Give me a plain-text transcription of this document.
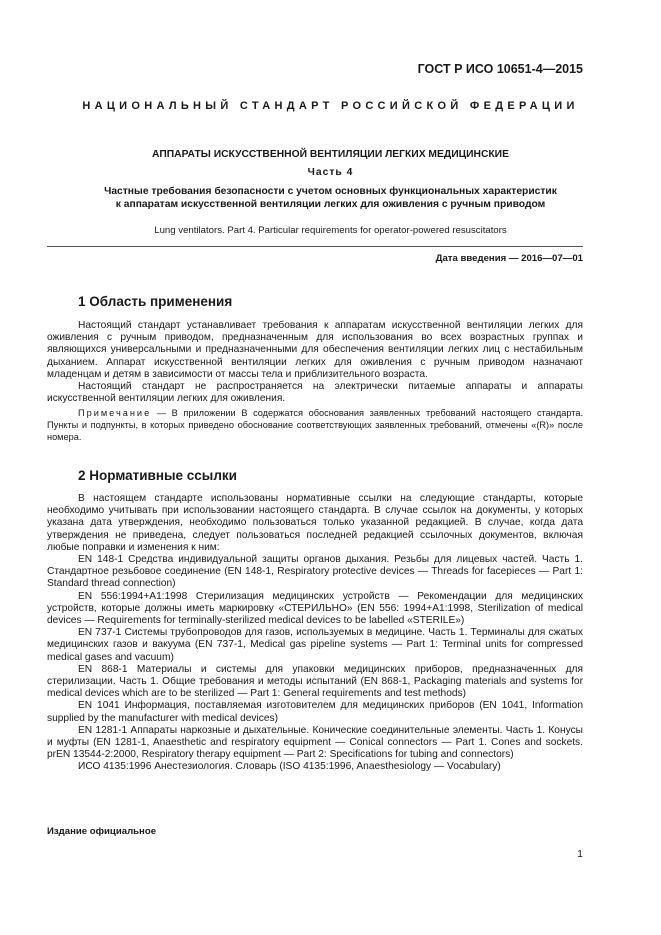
ГОСТ Р ИСО 10651-4—2015
НАЦИОНАЛЬНЫЙ СТАНДАРТ РОССИЙСКОЙ ФЕДЕРАЦИИ
АППАРАТЫ ИСКУССТВЕННОЙ ВЕНТИЛЯЦИИ ЛЕГКИХ МЕДИЦИНСКИЕ
Часть 4
Частные требования безопасности с учетом основных функциональных характеристик
к аппаратам искусственной вентиляции легких для оживления с ручным приводом
Lung ventilators. Part 4. Particular requirements for operator-powered resuscitators
Дата введения — 2016—07—01
1 Область применения

Настоящий стандарт устанавливает требования к аппаратам искусственной вентиляции легких для оживления с ручным приводом, предназначенным для использования во всех возрастных группах и являющихся универсальными и предназначенными для обеспечения вентиляции легких лиц с нестабильным дыханием. Аппарат искусственной вентиляции легких для оживления с ручным приводом назначают младенцам и детям в зависимости от массы тела и приблизительного возраста.

Настоящий стандарт не распространяется на электрически питаемые аппараты и аппараты искусственной вентиляции легких для оживления.

Примечание — В приложении В содержатся обоснования заявленных требований настоящего стандарта. Пункты и подпункты, в которых приведено обоснование соответствующих заявленных требований, отмечены «(R)» после номера.

2 Нормативные ссылки

В настоящем стандарте использованы нормативные ссылки на следующие стандарты, которые необходимо учитывать при использовании настоящего стандарта. В случае ссылок на документы, у которых указана дата утверждения, необходимо пользоваться только указанной редакцией. В случае, когда дата утверждения не приведена, следует пользоваться последней редакцией ссылочных документов, включая любые поправки и изменения к ним:

EN 148-1 Средства индивидуальной защиты органов дыхания. Резьбы для лицевых частей. Часть 1. Стандартное резьбовое соединение (EN 148-1, Respiratory protective devices — Threads for facepieces — Part 1: Standard thread connection)

EN 556:1994+A1:1998 Стерилизация медицинских устройств — Рекомендации для медицинских устройств, которые должны иметь маркировку «СТЕРИЛЬНО» (EN 556: 1994+A1:1998, Sterilization of medical devices — Requirements for terminally-sterilized medical devices to be labelled «STERILE»)

EN 737-1 Системы трубопроводов для газов, используемых в медицине. Часть 1. Терминалы для сжатых медицинских газов и вакуума (EN 737-1, Medical gas pipeline systems — Part 1: Terminal units for compressed medical gases and vacuum)

EN 868-1 Материалы и системы для упаковки медицинских приборов, предназначенных для стерилизации. Часть 1. Общие требования и методы испытаний (EN 868-1, Packaging materials and systems for medical devices which are to be sterilized — Part 1: General requirements and test methods)

EN 1041 Информация, поставляемая изготовителем для медицинских приборов (EN 1041, Information supplied by the manufacturer with medical devices)

EN 1281-1 Аппараты наркозные и дыхательные. Конические соединительные элементы. Часть 1. Конусы и муфты (EN 1281-1, Anaesthetic and respiratory equipment — Conical connectors — Part 1. Cones and sockets. prEN 13544-2:2000, Respiratory therapy equipment — Part 2: Specifications for tubing and connectors)

ИСО 4135:1996 Анестезиология. Словарь (ISO 4135:1996, Anaesthesiology — Vocabulary)

Издание официальное
1
